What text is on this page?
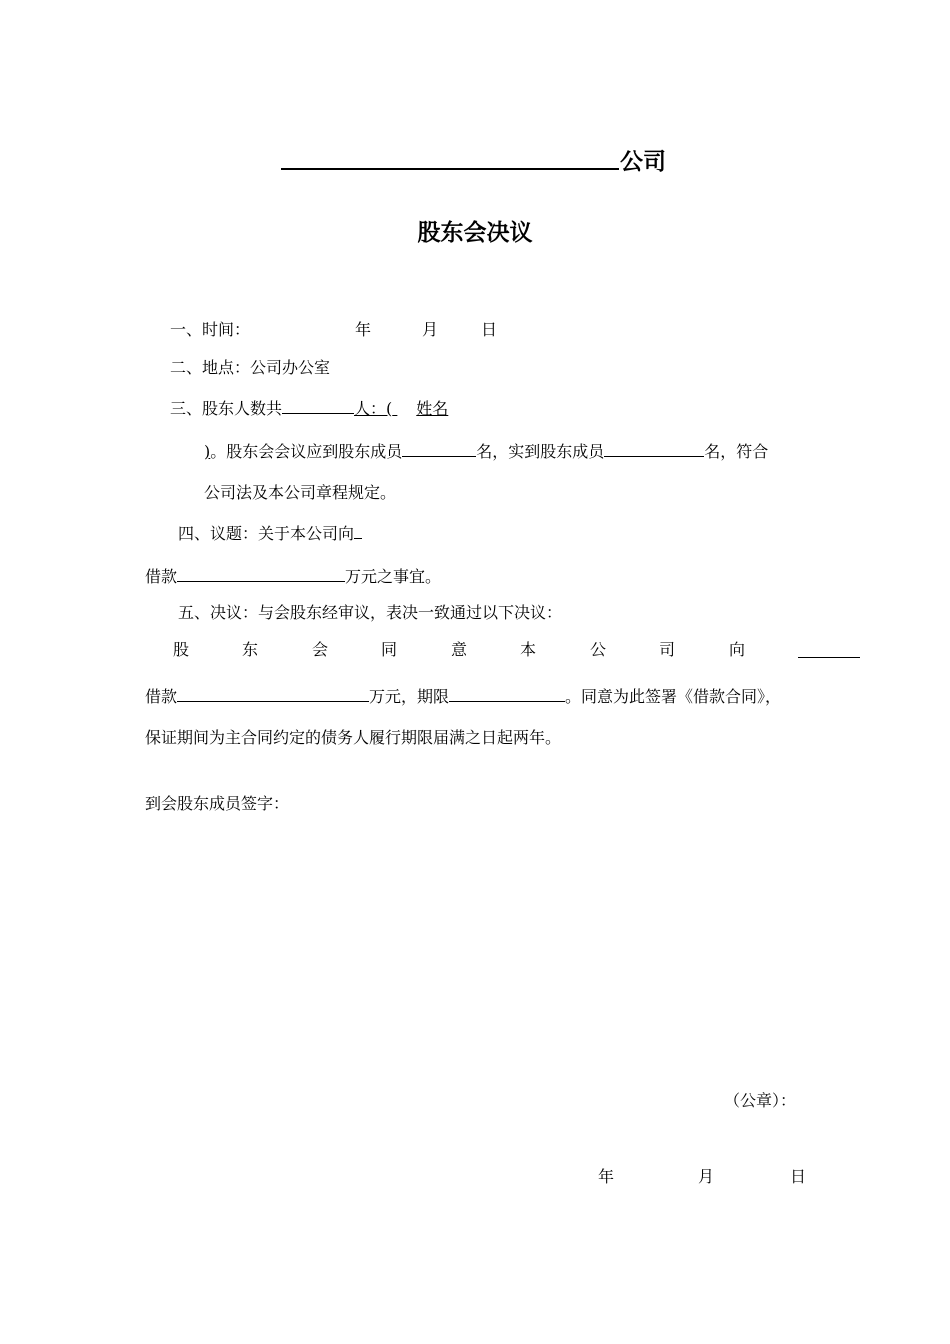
公司
股东会决议
一、时间：	年	月	日
二、地点：公司办公室
三、股东人数共	人：( 姓名
)。股东会会议应到股东成员	名，实到股东成员	名，符合
公司法及本公司章程规定。
四、议题：关于本公司向
借款	万元之事宜。
五、决议：与会股东经审议，表决一致通过以下决议：
股	东	会	同	意	本	公	司	向
借款	万元，期限	。同意为此签署《借款合同》，
保证期间为主合同约定的债务人履行期限届满之日起两年。
到会股东成员签字：
（公章）：
年	月	日
